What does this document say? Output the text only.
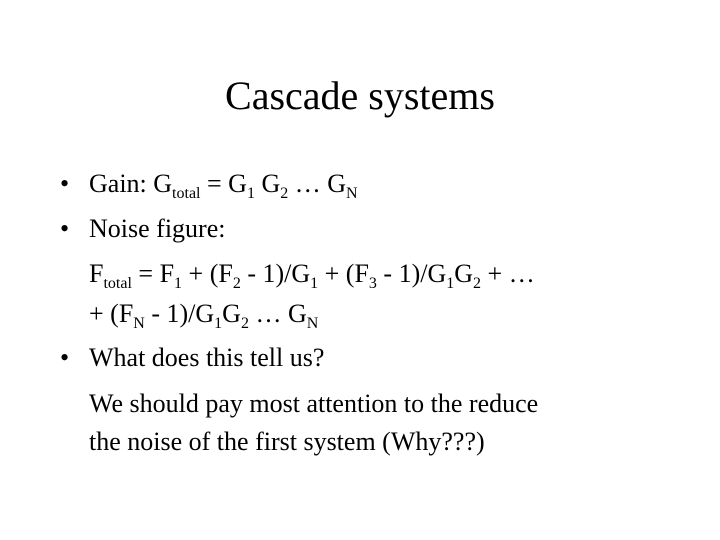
Cascade systems
• Gain: $G_{total} = G_1$ $G_2$ … $G_N$
• Noise figure:
$F_{total} = F_1 + (F_2 - 1)/G_1 + (F_3 - 1)/G_1G_2$ + …
+ $(F_N - 1)/G_1G_2$ … $G_N$
• What does this tell us?
We should pay most attention to the reduce
the noise of the first system (Why???)
